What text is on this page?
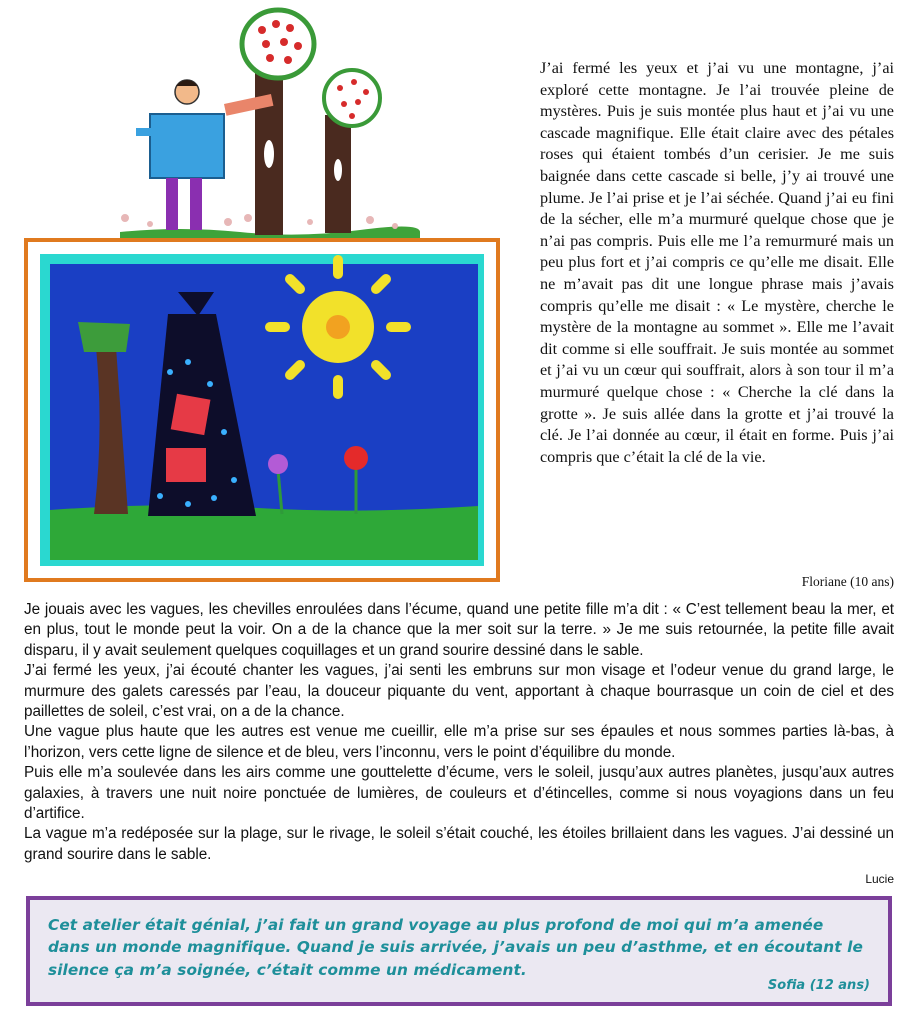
J’ai fermé les yeux et j’ai vu une montagne, j’ai exploré cette montagne. Je l’ai trouvée pleine de mystères. Puis je suis montée plus haut et j’ai vu une cascade magnifique. Elle était claire avec des pétales roses qui étaient tombés d’un cerisier. Je me suis baignée dans cette cascade si belle, j’y ai trouvé une plume. Je l’ai prise et je l’ai séchée. Quand j’ai eu fini de la sécher, elle m’a murmuré quelque chose que je n’ai pas compris. Puis elle me l’a remurmuré mais un peu plus fort et j’ai compris ce qu’elle me disait. Elle ne m’avait pas dit une longue phrase mais j’avais compris qu’elle me disait : « Le mystère, cherche le mystère de la montagne au sommet ». Elle me l’avait dit comme si elle souffrait. Je suis montée au sommet et j’ai vu un cœur qui souffrait, alors à son tour il m’a murmuré quelque chose : « Cherche la clé dans la grotte ». Je suis allée dans la grotte et j’ai trouvé la clé. Je l’ai donnée au cœur, il était en forme. Puis j’ai compris que c’était la clé de la vie.

Floriane (10 ans)

Je jouais avec les vagues, les chevilles enroulées dans l’écume, quand une petite fille m’a dit : « C’est tellement beau la mer, et en plus, tout le monde peut la voir. On a de la chance que la mer soit sur la terre. » Je me suis retournée, la petite fille avait disparu, il y avait seulement quelques coquillages et un grand sourire dessiné dans le sable.

J’ai fermé les yeux, j’ai écouté chanter les vagues, j’ai senti les embruns sur mon visage et l’odeur venue du grand large, le murmure des galets caressés par l’eau, la douceur piquante du vent, apportant à chaque bourrasque un coin de ciel et des paillettes de soleil, c’est vrai, on a de la chance.

Une vague plus haute que les autres est venue me cueillir, elle m’a prise sur ses épaules et nous sommes parties là-bas, à l’horizon, vers cette ligne de silence et de bleu, vers l’inconnu, vers le point d’équilibre du monde.

Puis elle m’a soulevée dans les airs comme une gouttelette d’écume, vers le soleil, jusqu’aux autres planètes, jusqu’aux autres galaxies, à travers une nuit noire ponctuée de lumières, de couleurs et d’étincelles, comme si nous voyagions dans un feu d’artifice.

La vague m’a redéposée sur la plage, sur le rivage, le soleil s’était couché, les étoiles brillaient dans les vagues. J’ai dessiné un grand sourire dans le sable.

Lucie
Cet atelier était génial, j’ai fait un grand voyage au plus profond de moi qui m’a amenée dans un monde magnifique. Quand je suis arrivée, j’avais un peu d’asthme, et en écoutant le silence ça m’a soignée, c’était comme un médicament.
Sofia (12 ans)
